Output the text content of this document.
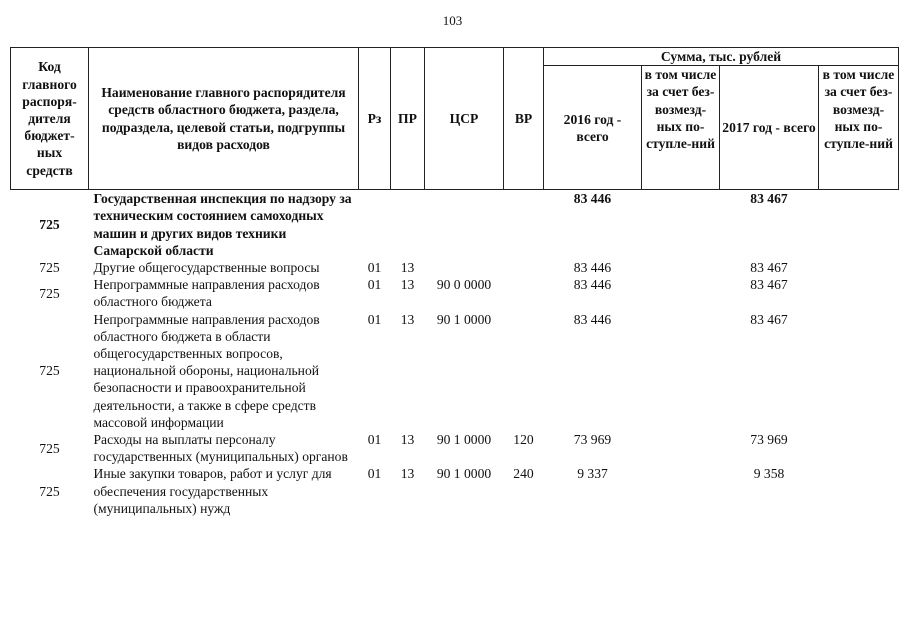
103
Код главного распоря-дителя бюджет-ных средств	Наименование главного распорядителя средств областного бюджета, раздела, подраздела, целевой статьи, подгруппы видов расходов	Рз	ПР	ЦСР	ВР	Сумма, тыс. рублей			
						2016 год - всего	в том числе за счет без-возмезд-ных по-ступле-ний	2017 год - всего	в том числе за счет без-возмезд-ных по-ступле-ний
725	Государственная инспекция по надзору за техническим состоянием самоходных машин и других видов техники Самарской области					83 446		83 467	
725	Другие общегосударственные вопросы	01	13			83 446		83 467	
725	Непрограммные направления расходов областного бюджета	01	13	90 0 0000		83 446		83 467	
725	Непрограммные направления расходов областного бюджета в области общегосударственных вопросов, национальной обороны, национальной безопасности и правоохранительной деятельности, а также в сфере средств массовой информации	01	13	90 1 0000		83 446		83 467	
725	Расходы на выплаты персоналу государственных (муниципальных) органов	01	13	90 1 0000	120	73 969		73 969	
725	Иные закупки товаров, работ и услуг для обеспечения государственных (муниципальных) нужд	01	13	90 1 0000	240	9 337		9 358	
